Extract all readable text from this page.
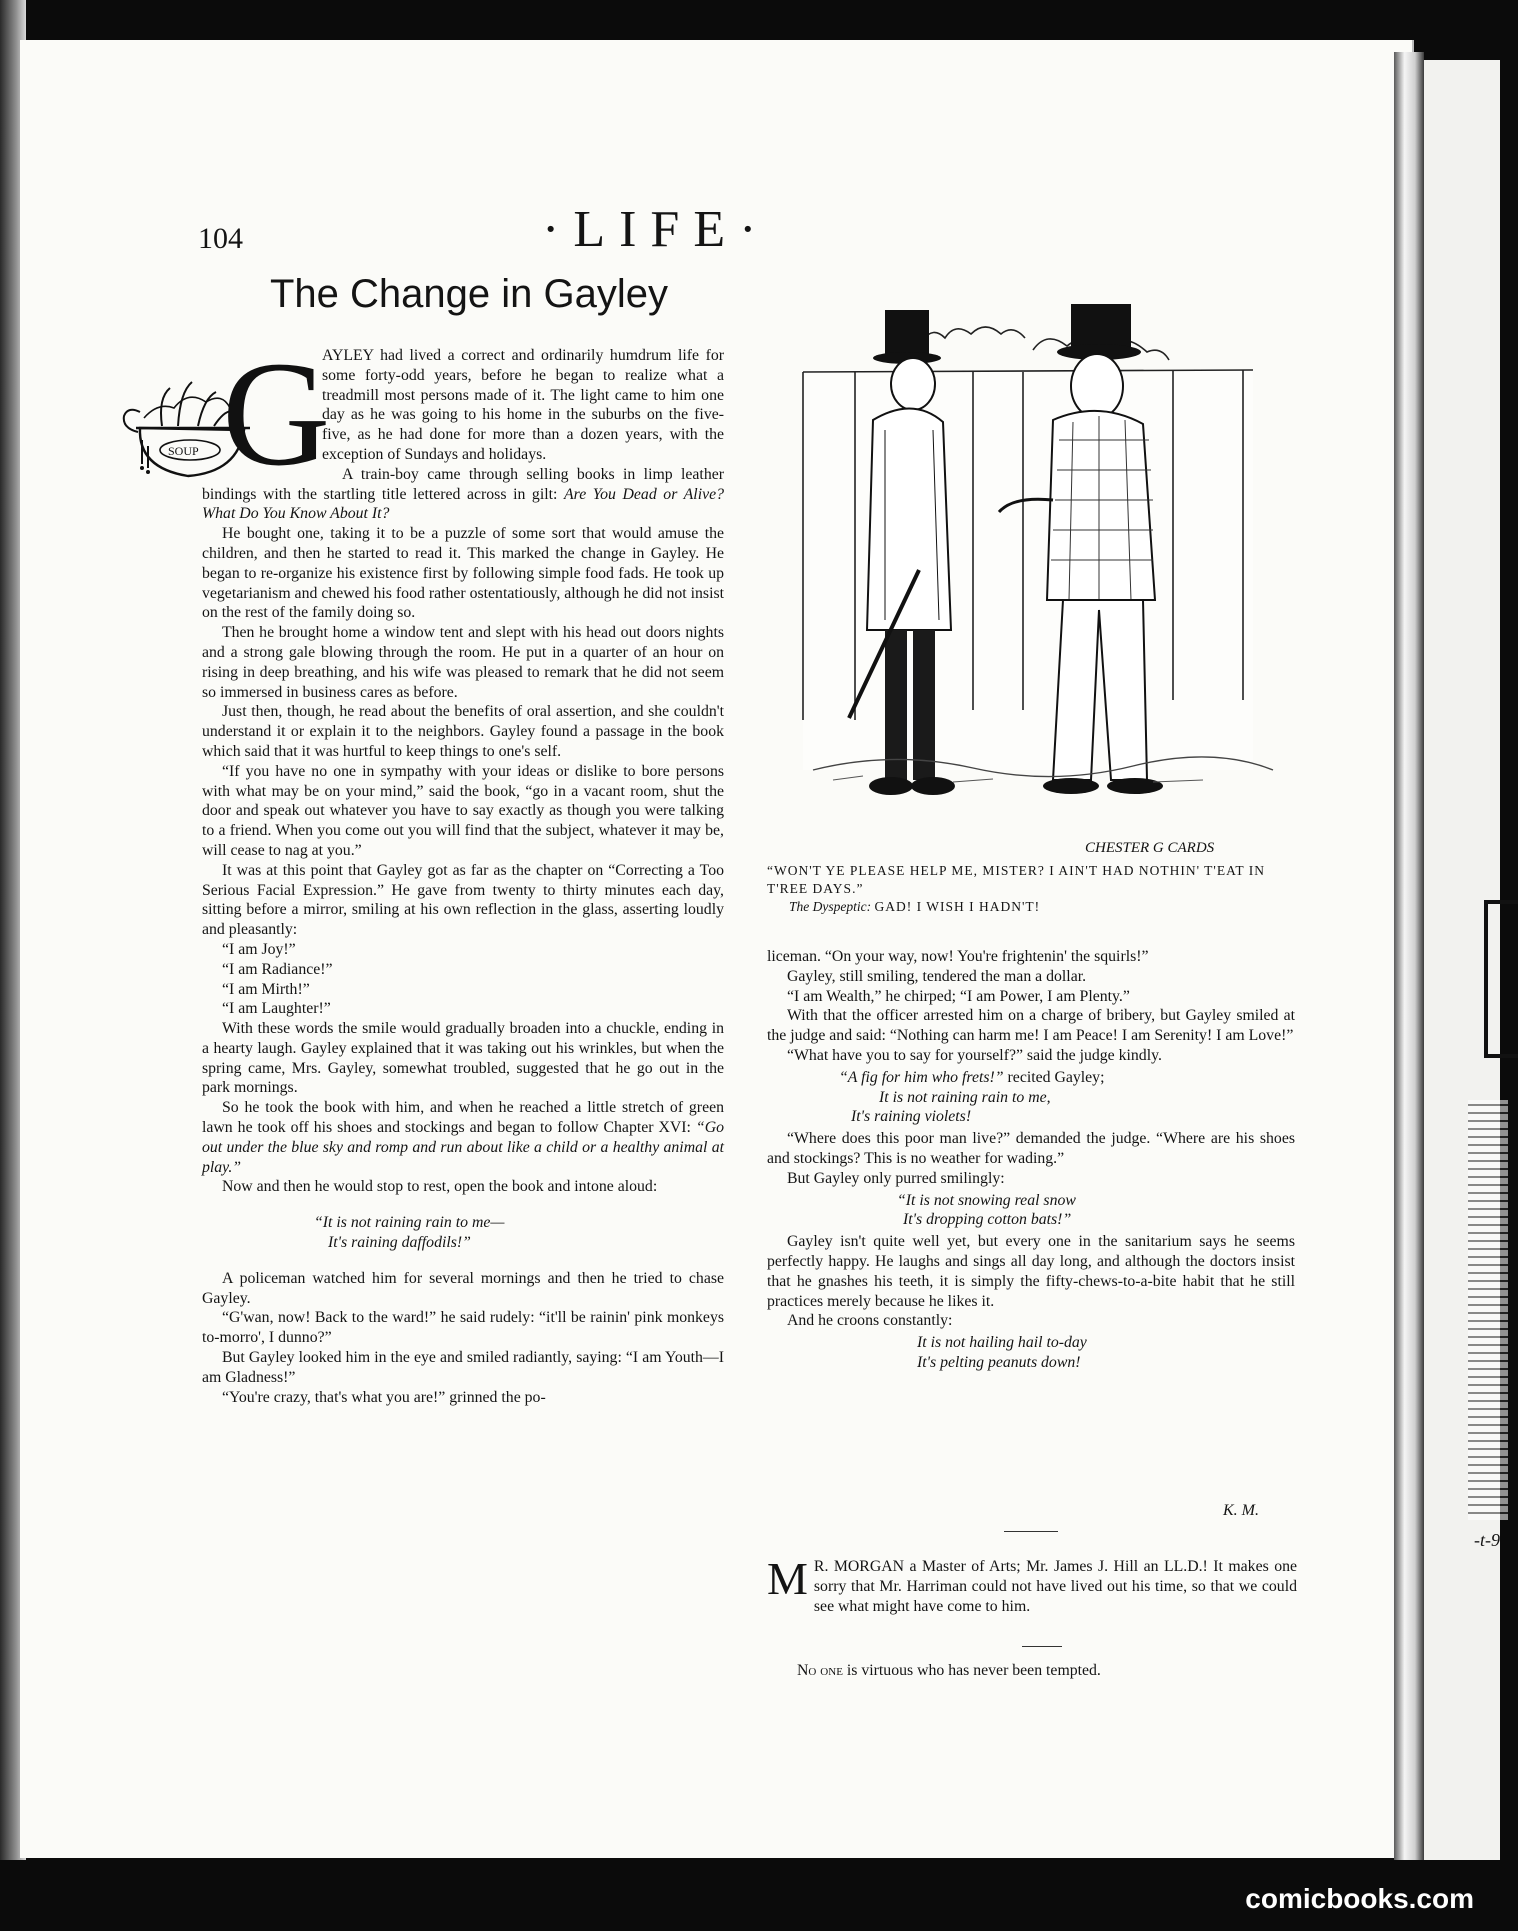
-t-9
104	·LIFE·
The Change in Gayley
SOUP G

AYLEY had lived a correct and ordinarily humdrum life for some forty-odd years, before he began to realize what a treadmill most persons made of it. The light came to him one day as he was going to his home in the suburbs on the five-five, as he had done for more than a dozen years, with the exception of Sundays and holidays.

A train-boy came through selling books in limp leather bindings with the startling title lettered across in gilt: Are You Dead or Alive? What Do You Know About It?

He bought one, taking it to be a puzzle of some sort that would amuse the children, and then he started to read it. This marked the change in Gayley. He began to re-organize his existence first by following simple food fads. He took up vegetarianism and chewed his food rather ostentatiously, although he did not insist on the rest of the family doing so.

Then he brought home a window tent and slept with his head out doors nights and a strong gale blowing through the room. He put in a quarter of an hour on rising in deep breathing, and his wife was pleased to remark that he did not seem so immersed in business cares as before.

Just then, though, he read about the benefits of oral assertion, and she couldn't understand it or explain it to the neighbors. Gayley found a passage in the book which said that it was hurtful to keep things to one's self.

“If you have no one in sympathy with your ideas or dislike to bore persons with what may be on your mind,” said the book, “go in a vacant room, shut the door and speak out whatever you have to say exactly as though you were talking to a friend. When you come out you will find that the subject, whatever it may be, will cease to nag at you.”

It was at this point that Gayley got as far as the chapter on “Correcting a Too Serious Facial Expression.” He gave from twenty to thirty minutes each day, sitting before a mirror, smiling at his own reflection in the glass, asserting loudly and pleasantly:

“I am Joy!”

“I am Radiance!”

“I am Mirth!”

“I am Laughter!”

With these words the smile would gradually broaden into a chuckle, ending in a hearty laugh. Gayley explained that it was taking out his wrinkles, but when the spring came, Mrs. Gayley, somewhat troubled, suggested that he go out in the park mornings.

So he took the book with him, and when he reached a little stretch of green lawn he took off his shoes and stockings and began to follow Chapter XVI: “Go out under the blue sky and romp and run about like a child or a healthy animal at play.”

Now and then he would stop to rest, open the book and intone aloud:

“It is not raining rain to me—
It's raining daffodils!”

A policeman watched him for several mornings and then he tried to chase Gayley.

“G'wan, now! Back to the ward!” he said rudely: “it'll be rainin' pink monkeys to-morro', I dunno?”

But Gayley looked him in the eye and smiled radiantly, saying: “I am Youth—I am Gladness!”

“You're crazy, that's what you are!” grinned the po-

CHESTER G CARDS
“WON'T YE PLEASE HELP ME, MISTER? I AIN'T HAD NOTHIN' T'EAT IN T'REE DAYS.”
The Dyspeptic: GAD! I WISH I HADN'T!

liceman. “On your way, now! You're frightenin' the squirls!”

Gayley, still smiling, tendered the man a dollar.

“I am Wealth,” he chirped; “I am Power, I am Plenty.”

With that the officer arrested him on a charge of bribery, but Gayley smiled at the judge and said: “Nothing can harm me! I am Peace! I am Serenity! I am Love!”

“What have you to say for yourself?” said the judge kindly.

“A fig for him who frets!” recited Gayley;
It is not raining rain to me,
It's raining violets!

“Where does this poor man live?” demanded the judge. “Where are his shoes and stockings? This is no weather for wading.”

But Gayley only purred smilingly:

“It is not snowing real snow
It's dropping cotton bats!”

Gayley isn't quite well yet, but every one in the sanitarium says he seems perfectly happy. He laughs and sings all day long, and although the doctors insist that he gnashes his teeth, it is simply the fifty-chews-to-a-bite habit that he still practices merely because he likes it.

And he croons constantly:

It is not hailing hail to-day
It's pelting peanuts down!
K. M.
M R. MORGAN a Master of Arts; Mr. James J. Hill an LL.D.! It makes one sorry that Mr. Harriman could not have lived out his time, so that we could see what might have come to him.
No one is virtuous who has never been tempted.
comicbooks.com
